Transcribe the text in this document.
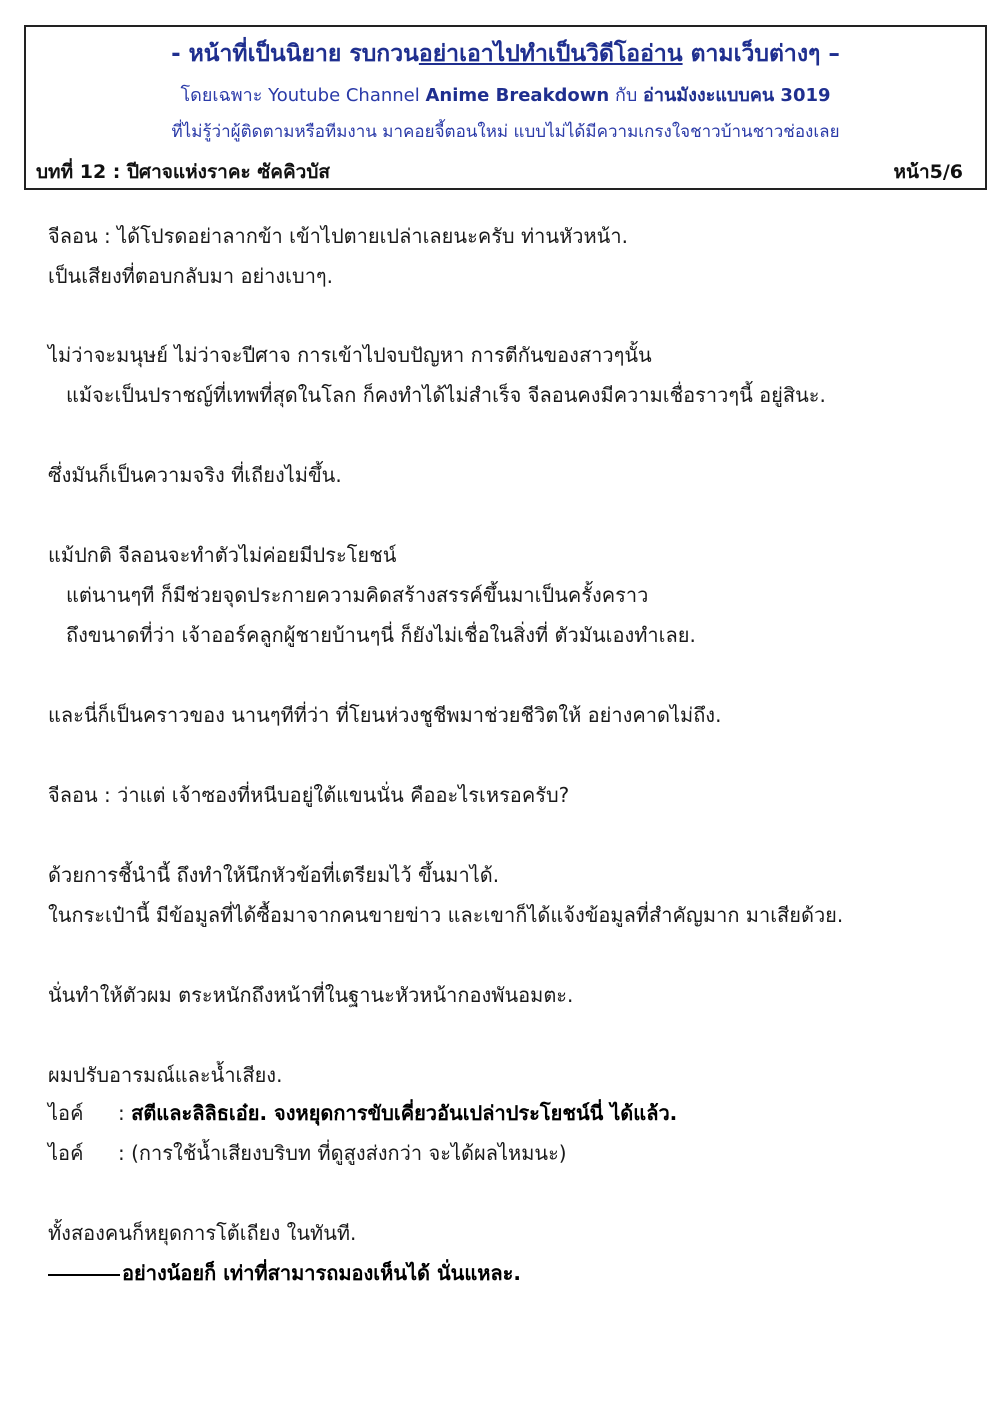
- หน้าที่เป็นนิยาย รบกวนอย่าเอาไปทำเป็นวิดีโออ่าน ตามเว็บต่างๆ –
โดยเฉพาะ Youtube Channel Anime Breakdown กับ อ่านมังงะแบบคน 3019
ที่ไม่รู้ว่าผู้ติดตามหรือทีมงาน มาคอยจี้ตอนใหม่ แบบไม่ได้มีความเกรงใจชาวบ้านชาวช่องเลย
บทที่ 12 : ปีศาจแห่งราคะ ซัคคิวบัส	หน้า5/6
จีลอน : ได้โปรดอย่าลากข้า เข้าไปตายเปล่าเลยนะครับ ท่านหัวหน้า.
เป็นเสียงที่ตอบกลับมา อย่างเบาๆ.
ไม่ว่าจะมนุษย์ ไม่ว่าจะปีศาจ การเข้าไปจบปัญหา การตีกันของสาวๆนั้น
แม้จะเป็นปราชญ์ที่เทพที่สุดในโลก ก็คงทำได้ไม่สำเร็จ จีลอนคงมีความเชื่อราวๆนี้ อยู่สินะ.
ซึ่งมันก็เป็นความจริง ที่เถียงไม่ขึ้น.
แม้ปกติ จีลอนจะทำตัวไม่ค่อยมีประโยชน์
แต่นานๆที ก็มีช่วยจุดประกายความคิดสร้างสรรค์ขึ้นมาเป็นครั้งคราว
ถึงขนาดที่ว่า เจ้าออร์คลูกผู้ชายบ้านๆนี่ ก็ยังไม่เชื่อในสิ่งที่ ตัวมันเองทำเลย.
และนี่ก็เป็นคราวของ นานๆทีที่ว่า ที่โยนห่วงชูชีพมาช่วยชีวิตให้ อย่างคาดไม่ถึง.
จีลอน : ว่าแต่ เจ้าซองที่หนีบอยู่ใต้แขนนั่น คืออะไรเหรอครับ?
ด้วยการชี้นำนี้ ถึงทำให้นึกหัวข้อที่เตรียมไว้ ขึ้นมาได้.
ในกระเป๋านี้ มีข้อมูลที่ได้ซื้อมาจากคนขายข่าว และเขาก็ได้แจ้งข้อมูลที่สำคัญมาก มาเสียด้วย.
นั่นทำให้ตัวผม ตระหนักถึงหน้าที่ในฐานะหัวหน้ากองพันอมตะ.
ผมปรับอารมณ์และน้ำเสียง.
ไอค์ : สตีและลิลิธเอ๋ย. จงหยุดการขับเคี่ยวอันเปล่าประโยชน์นี่ ได้แล้ว.
ไอค์ : (การใช้น้ำเสียงบริบท ที่ดูสูงส่งกว่า จะได้ผลไหมนะ)
ทั้งสองคนก็หยุดการโต้เถียง ในทันที.
อย่างน้อยก็ เท่าที่สามารถมองเห็นได้ นั่นแหละ.
